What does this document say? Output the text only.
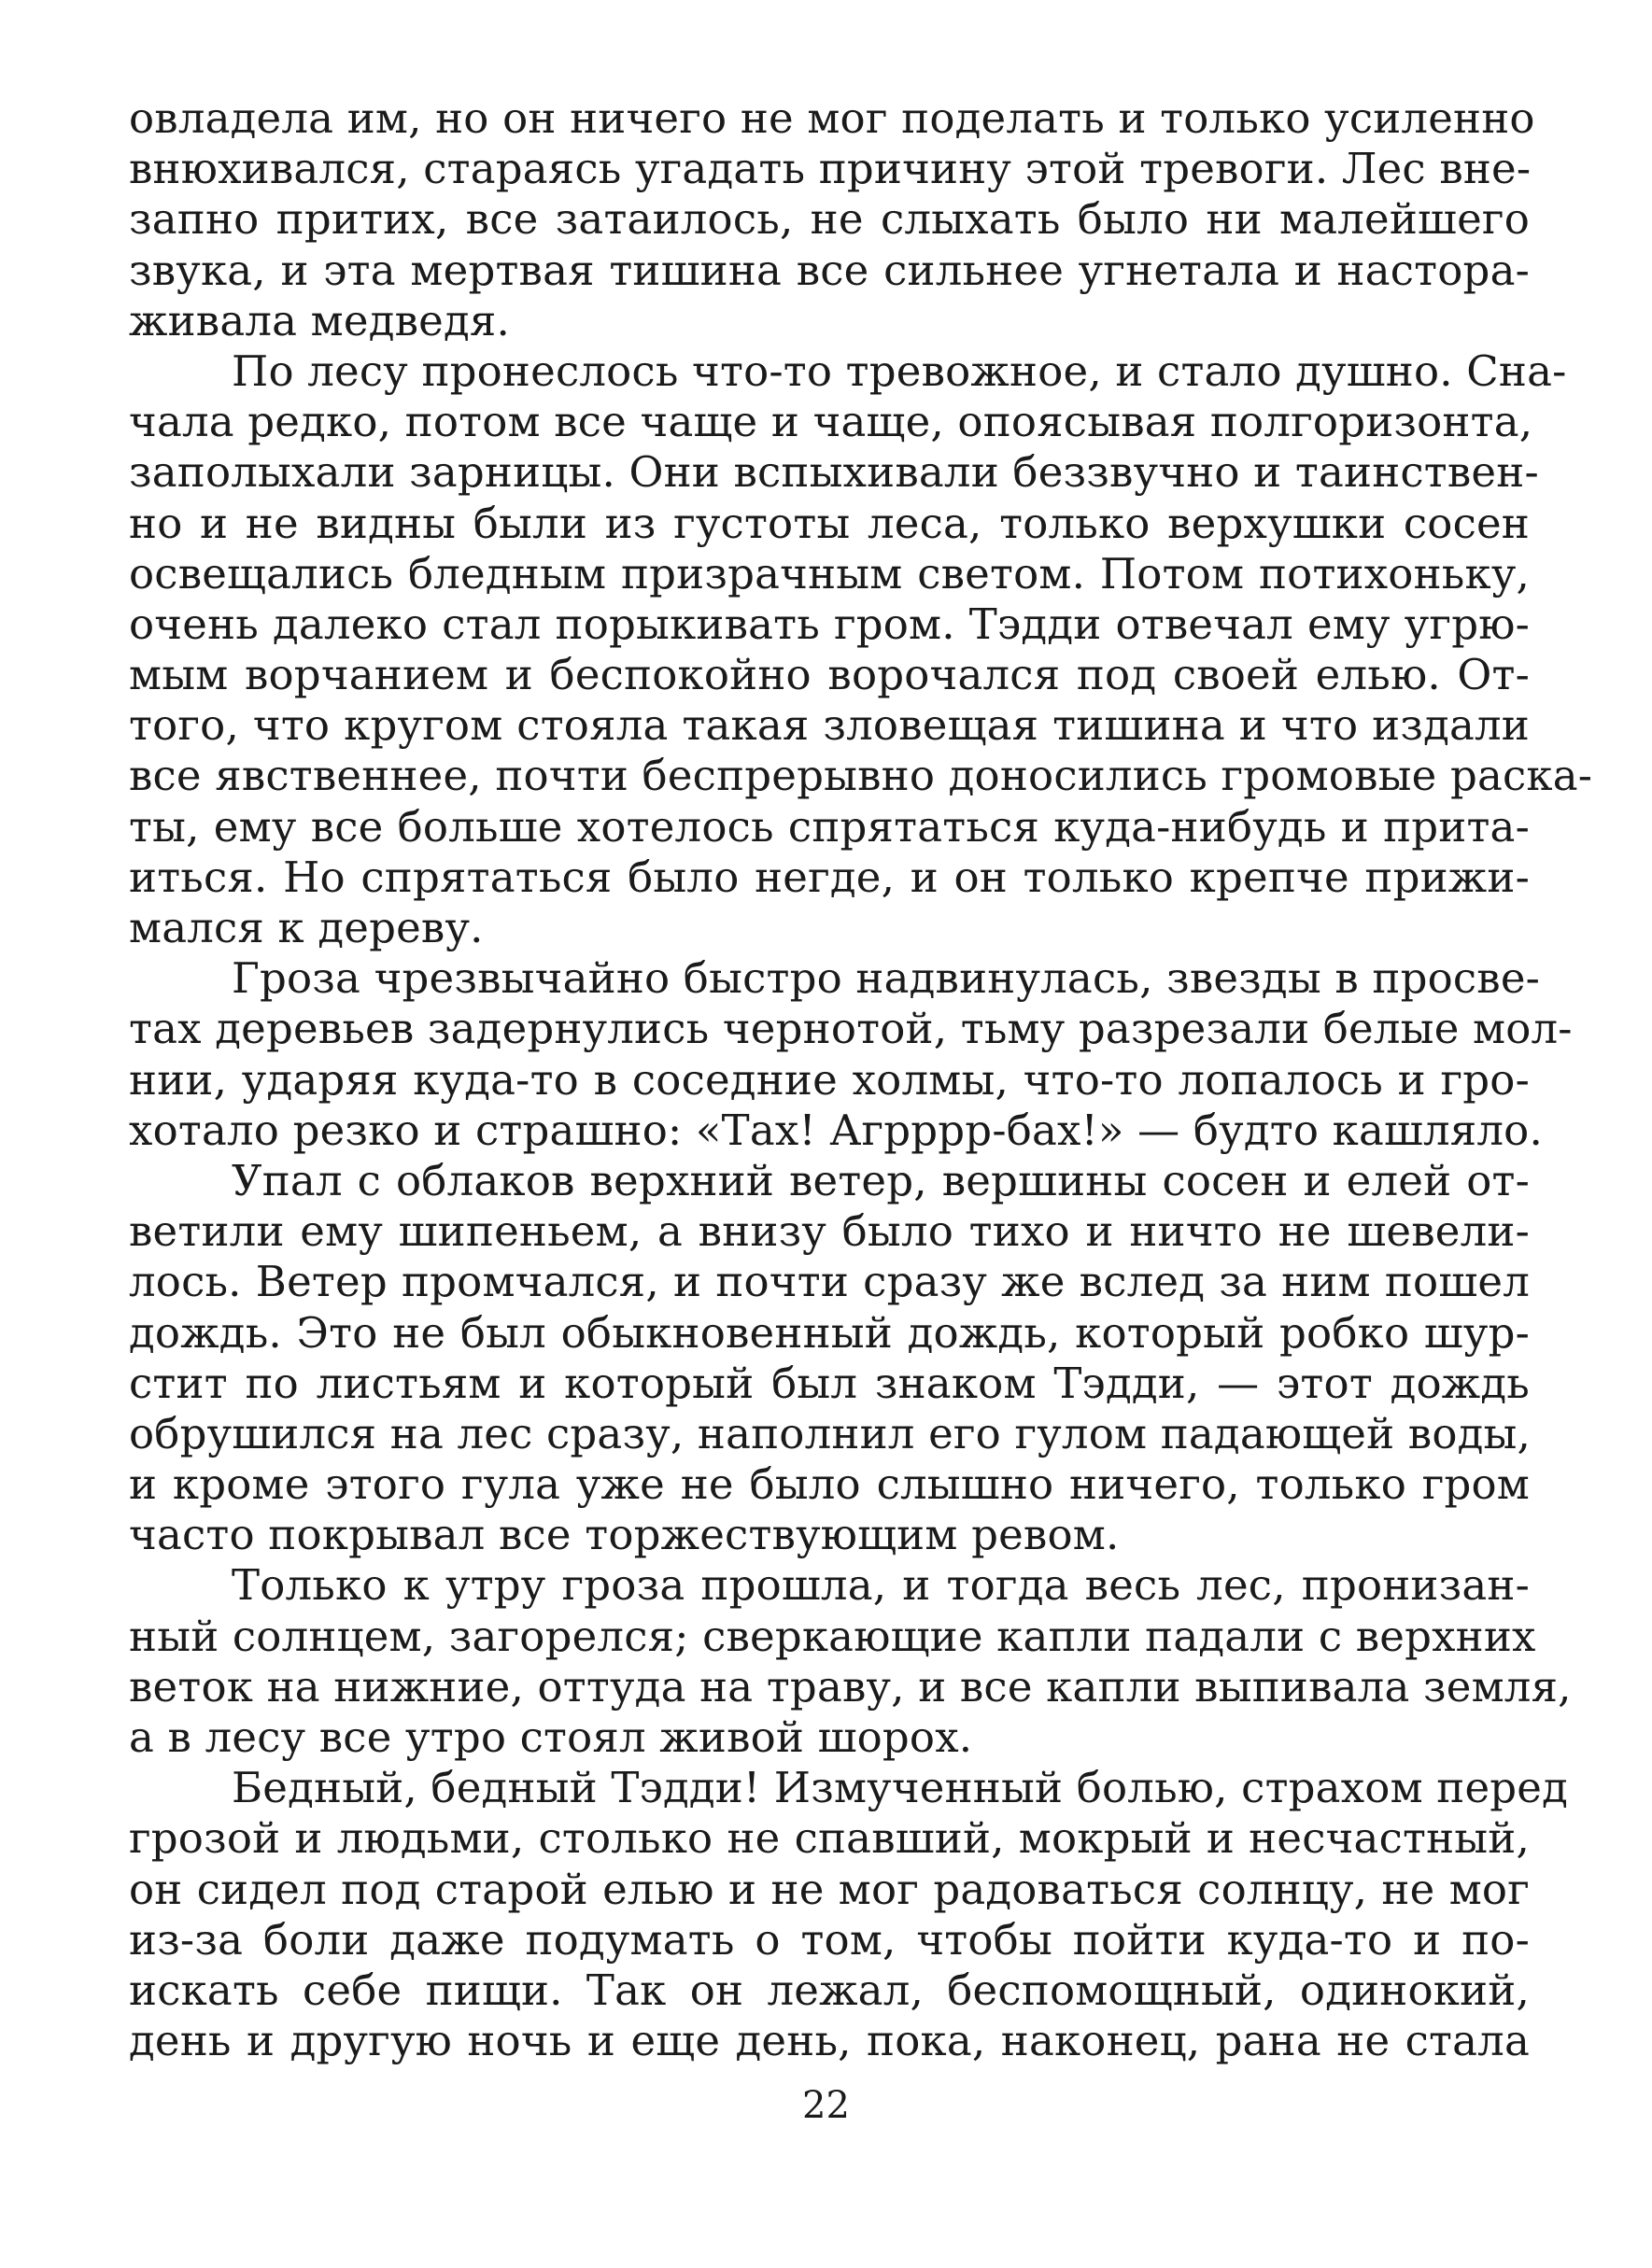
овладела им, но он ничего не мог поделать и только усиленно
внюхивался, стараясь угадать причину этой тревоги. Лес вне-
запно притих, все затаилось, не слыхать было ни малейшего
звука, и эта мертвая тишина все сильнее угнетала и настора-
живала медведя.
По лесу пронеслось что-то тревожное, и стало душно. Сна-
чала редко, потом все чаще и чаще, опоясывая полгоризонта,
заполыхали зарницы. Они вспыхивали беззвучно и таинствен-
но и не видны были из густоты леса, только верхушки сосен
освещались бледным призрачным светом. Потом потихоньку,
очень далеко стал порыкивать гром. Тэдди отвечал ему угрю-
мым ворчанием и беспокойно ворочался под своей елью. От-
того, что кругом стояла такая зловещая тишина и что издали
все явственнее, почти беспрерывно доносились громовые раска-
ты, ему все больше хотелось спрятаться куда-нибудь и прита-
иться. Но спрятаться было негде, и он только крепче прижи-
мался к дереву.
Гроза чрезвычайно быстро надвинулась, звезды в просве-
тах деревьев задернулись чернотой, тьму разрезали белые мол-
нии, ударяя куда-то в соседние холмы, что-то лопалось и гро-
хотало резко и страшно: «Тах! Агрррр-бах!» — будто кашляло.
Упал с облаков верхний ветер, вершины сосен и елей от-
ветили ему шипеньем, а внизу было тихо и ничто не шевели-
лось. Ветер промчался, и почти сразу же вслед за ним пошел
дождь. Это не был обыкновенный дождь, который робко шур-
стит по листьям и который был знаком Тэдди, — этот дождь
обрушился на лес сразу, наполнил его гулом падающей воды,
и кроме этого гула уже не было слышно ничего, только гром
часто покрывал все торжествующим ревом.
Только к утру гроза прошла, и тогда весь лес, пронизан-
ный солнцем, загорелся; сверкающие капли падали с верхних
веток на нижние, оттуда на траву, и все капли выпивала земля,
а в лесу все утро стоял живой шорох.
Бедный, бедный Тэдди! Измученный болью, страхом перед
грозой и людьми, столько не спавший, мокрый и несчастный,
он сидел под старой елью и не мог радоваться солнцу, не мог
из-за боли даже подумать о том, чтобы пойти куда-то и по-
искать себе пищи. Так он лежал, беспомощный, одинокий,
день и другую ночь и еще день, пока, наконец, рана не стала
22
